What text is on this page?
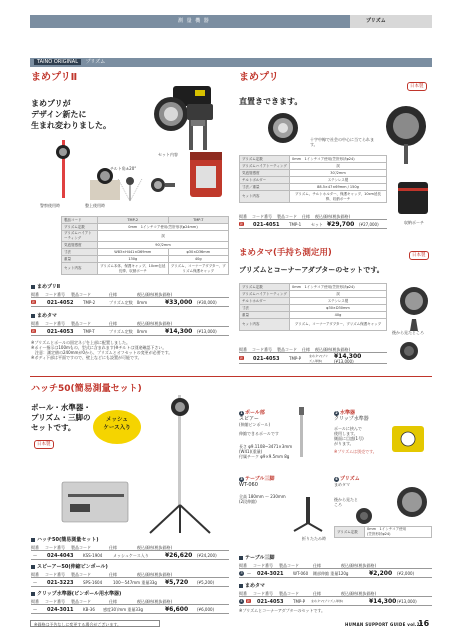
測 量 機 器	プリズム
TAINO ORIGINAL プリズム
まめプリⅡ
まめプリが
デザイン新たに
生まれ変わりました。
チルト角±20°
セット内容
警察使用時	整上使用時
製品コード	TMP-2	TMP-T
プリズム定数	0mm　1インチコア使用(笠肝形状φ24mm)	
プリズムハイアトーティング	誤	
気泡管感度	90′/2mm	
寸法	W83×H441×D69mm	φ30×D36mm
重量	130g	40g
セット内容	プリズム本体、保護キャップ、10cm伝延長棒、収納ポーチ	プリズム、コーナーアダプター、プリズム保護キャップ
まめプリⅡ
掲番 コード番号 製品コード	仕様	税込価格(税抜価格)
新 021-4052 TMP-2	プリズム定数　0mm	¥33,000 (¥30,000)
まめタマ
掲番 コード番号 製品コード	仕様	税込価格(税抜価格)
新 021-4053 TMP-T	プリズム定数　0mm	¥14,300 (¥13,000)
※プリズムとポールの固定ネジを上部に配置しました。
※ポイー指示は100mもの、型式に含まれます(※チルトは別途確認下さい。
　注意：測定値の240mmが0から、プリズムとオフセットの変更が必要です。
※ボディ下部は平面ですので、壁上などにも設置が可能です。
まめプリ
直置きできます。
日本製
十字中線で社会の中心に当てられます。
プリズム定数	0mm　1インチコア使用(笠肝形状φ24)
プリズムハイアトーティング	誤
気泡管感度	30′/2mm
チルトボルダー	ステンレス製
寸法／重量	88.5×47×69mm / 150g
セット内容	プリズム、チルトホルダー、保護キャップ、10cm延長棒、収納ポーチ
収納ポーチ
掲番 コード番号 製品コード 仕様 税込価格(税抜価格)
新 021-4051 TMP-1 セット ¥29,700 (¥27,000)
まめタマ(手持ち測定用)
プリズムとコーナーアダプターのセットです。
日本製
プリズム定数	0mm　1インチコア使用(笠肝形状φ24)
プリズムハイアトーティング	誤
チルトホルダー	ステンレス製
寸法	φ30×D30mm
重量	40g
セット内容	プリズム、コーナーアダプター、プリズム保護キャップ
後から見たところ
掲番 コード番号 製品コード 仕様 税込価格(税抜価格)
新 021-4053 TMP-P	まめタマ(プリズム単体)
¥14,300
(¥13,000)
ハッチ50(簡易測量セット)
ポール・水準器・
プリズム・三脚の
セットです。
日本製
メッシュ
ケース入り
ハッチ50(簡易測量セット)
掲番 コード番号 製品コード	仕様	税込価格(税抜価格)
— 024-4043 KSS-1904	メッシュケース入り	¥26,620 (¥24,200)
スピーアー50(伸縮ピンポール)
掲番 コード番号 製品コード	仕様	税込価格(税抜価格)
— 021-3223 SPS-1604	100〜547mm 重量33g ¥5,720 (¥5,200)
クリップ水準器(ピンポール用水準器)
掲番 コード番号 製品コード	仕様	税込価格(税抜価格)
— 024-3011 KB-36 感度30′/mm 重量33g	¥6,600 (¥6,000)
1 ポール部
スピアー
(伸縮ピンポール)
伸縮できるポールです
長さ φ9.1108~3471×3mm
(W41)(重量)
付属チーク φ9×9.5mm 8g
2 水準器
クリップ水準器
ポールに挟んで
使用します。
側面に目盛(1号)
がります。
※プリズムは別売です。
3 テーブル三脚
WT-060
全高 180mm 〜 230mm
(2段伸縮)
折りたたみ時
4 プリズム
まめタマ
後から見たところ
プリズム定数	
0mm　1インチコア使用
(笠肝形状φ24)
テーブル三脚
掲番 コード番号 製品コード	仕様	税込価格(税抜価格)
3	— 024-3021 WT-060 剛部伸縮 重量120g	¥2,200 (¥2,000)
まめタマ
掲番 コード番号 製品コード	仕様	税込価格(税抜価格)
4	新 021-4053 TMP-P まめタマ(プリズム単体)	¥14,300 (¥13,000)
※プリズムとコーナーアダプターのセットです。
※価格は予告なしに変更する場合がございます。	HUMAN SUPPORT GUIDE vol.27
16
